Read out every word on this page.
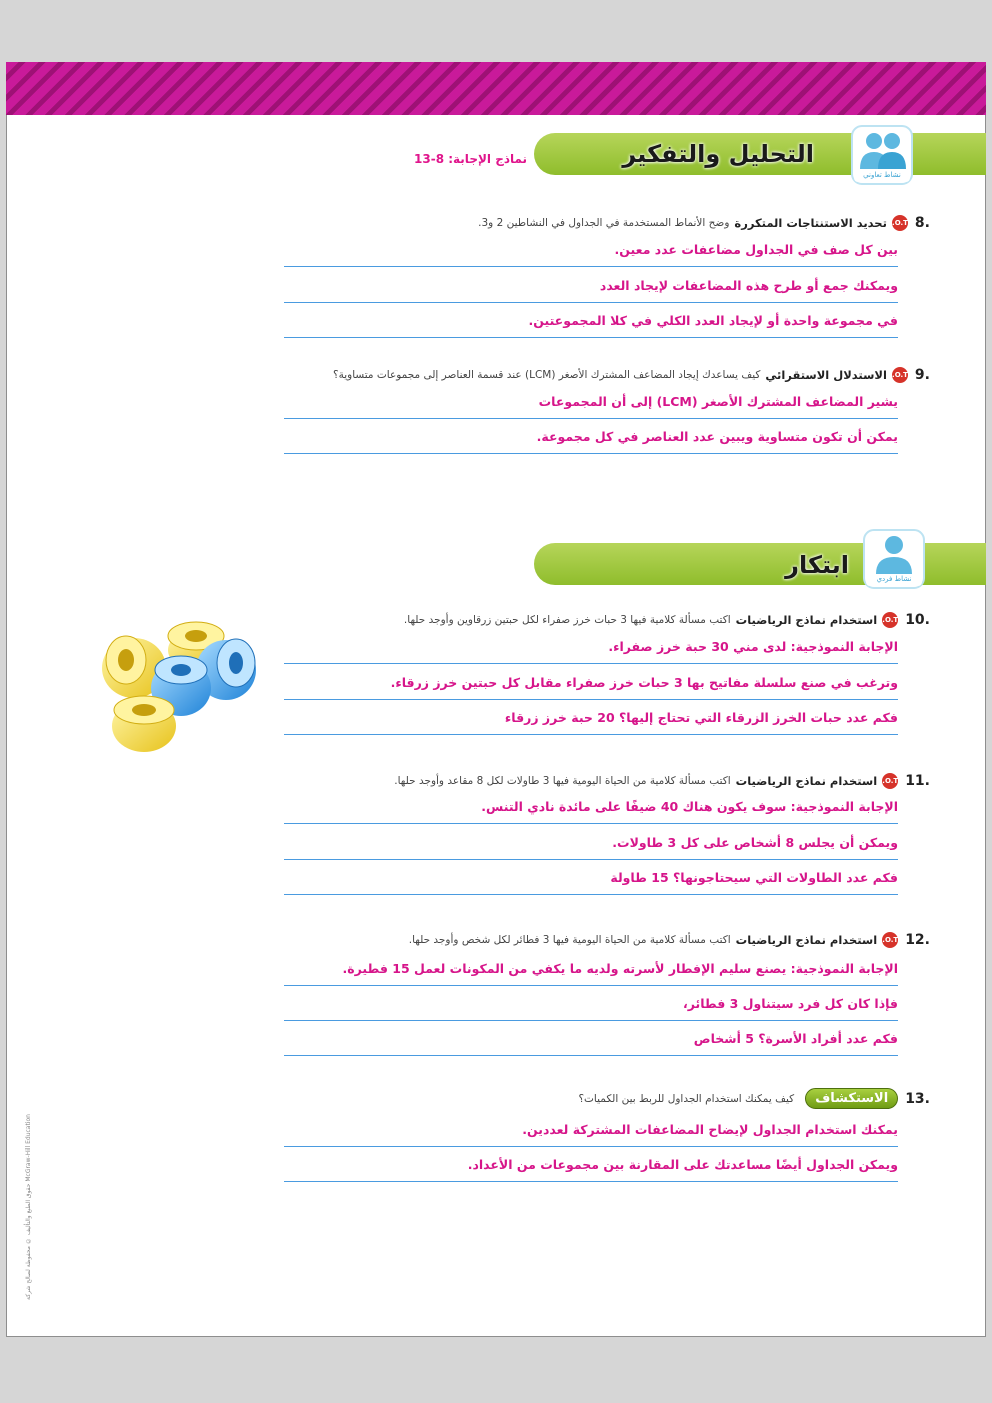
التحليل والتفكير
نشاط تعاوني
نماذج الإجابة: 8-13
.8
H.O.T
تحديد الاستنتاجات المتكررة
وضح الأنماط المستخدمة في الجداول في النشاطين 2 و3.
بين كل صف في الجداول مضاعفات عدد معين.
ويمكنك جمع أو طرح هذه المضاعفات لإيجاد العدد
في مجموعة واحدة أو لإيجاد العدد الكلي في كلا المجموعتين.
.9
H.O.T
الاستدلال الاستقرائي
كيف يساعدك إيجاد المضاعف المشترك الأصغر (LCM) عند قسمة العناصر إلى مجموعات متساوية؟
يشير المضاعف المشترك الأصغر (LCM) إلى أن المجموعات
يمكن أن تكون متساوية ويبين عدد العناصر في كل مجموعة.
ابتكار	نشاط فردي
.10
H.O.T
استخدام نماذج الرياضيات
اكتب مسألة كلامية فيها 3 حبات خرز صفراء لكل حبتين زرقاوين وأوجد حلها.
الإجابة النموذجية: لدى مني 30 حبة خرز صفراء.
وترغب في صنع سلسلة مفاتيح بها 3 حبات خرز صفراء مقابل كل حبتين خرز زرقاء.
فكم عدد حبات الخرز الزرقاء التي تحتاج إليها؟ 20 حبة خرز زرقاء
.11
H.O.T
استخدام نماذج الرياضيات
اكتب مسألة كلامية من الحياة اليومية فيها 3 طاولات لكل 8 مقاعد وأوجد حلها.
الإجابة النموذجية: سوف يكون هناك 40 ضيفًا على مائدة نادي التنس.
ويمكن أن يجلس 8 أشخاص على كل 3 طاولات.
فكم عدد الطاولات التي سيحتاجونها؟ 15 طاولة
.12
H.O.T
استخدام نماذج الرياضيات
اكتب مسألة كلامية من الحياة اليومية فيها 3 فطائر لكل شخص وأوجد حلها.
الإجابة النموذجية: يصنع سليم الإفطار لأسرته ولديه ما يكفي من المكونات لعمل 15 فطيرة.
فإذا كان كل فرد سيتناول 3 فطائر،
فكم عدد أفراد الأسرة؟ 5 أشخاص
.13
الاستكشاف
كيف يمكنك استخدام الجداول للربط بين الكميات؟
يمكنك استخدام الجداول لإيضاح المضاعفات المشتركة لعددين.
ويمكن الجداول أيضًا مساعدتك على المقارنة بين مجموعات من الأعداد.
حقوق الطبع والتأليف © محفوظة لصالح شركة McGraw-Hill Education
